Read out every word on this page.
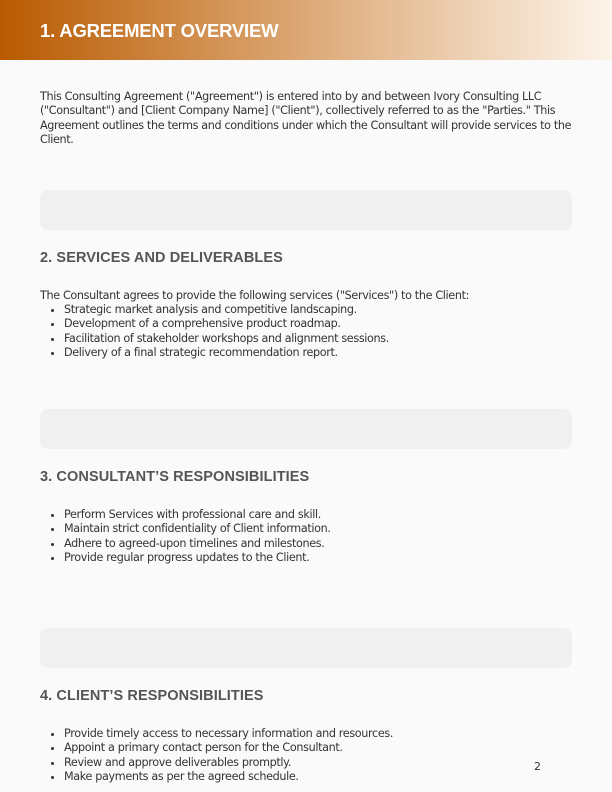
1. AGREEMENT OVERVIEW

This Consulting Agreement ("Agreement") is entered into by and between Ivory Consulting LLC ("Consultant") and [Client Company Name] ("Client"), collectively referred to as the "Parties." This Agreement outlines the terms and conditions under which the Consultant will provide services to the Client.

2. SERVICES AND DELIVERABLES

The Consultant agrees to provide the following services ("Services") to the Client:

• Strategic market analysis and competitive landscaping.
• Development of a comprehensive product roadmap.
• Facilitation of stakeholder workshops and alignment sessions.
• Delivery of a final strategic recommendation report.
3. CONSULTANT’S RESPONSIBILITIES
• Perform Services with professional care and skill.
• Maintain strict confidentiality of Client information.
• Adhere to agreed-upon timelines and milestones.
• Provide regular progress updates to the Client.
4. CLIENT’S RESPONSIBILITIES
• Provide timely access to necessary information and resources.
• Appoint a primary contact person for the Consultant.
• Review and approve deliverables promptly.
• Make payments as per the agreed schedule.
2
